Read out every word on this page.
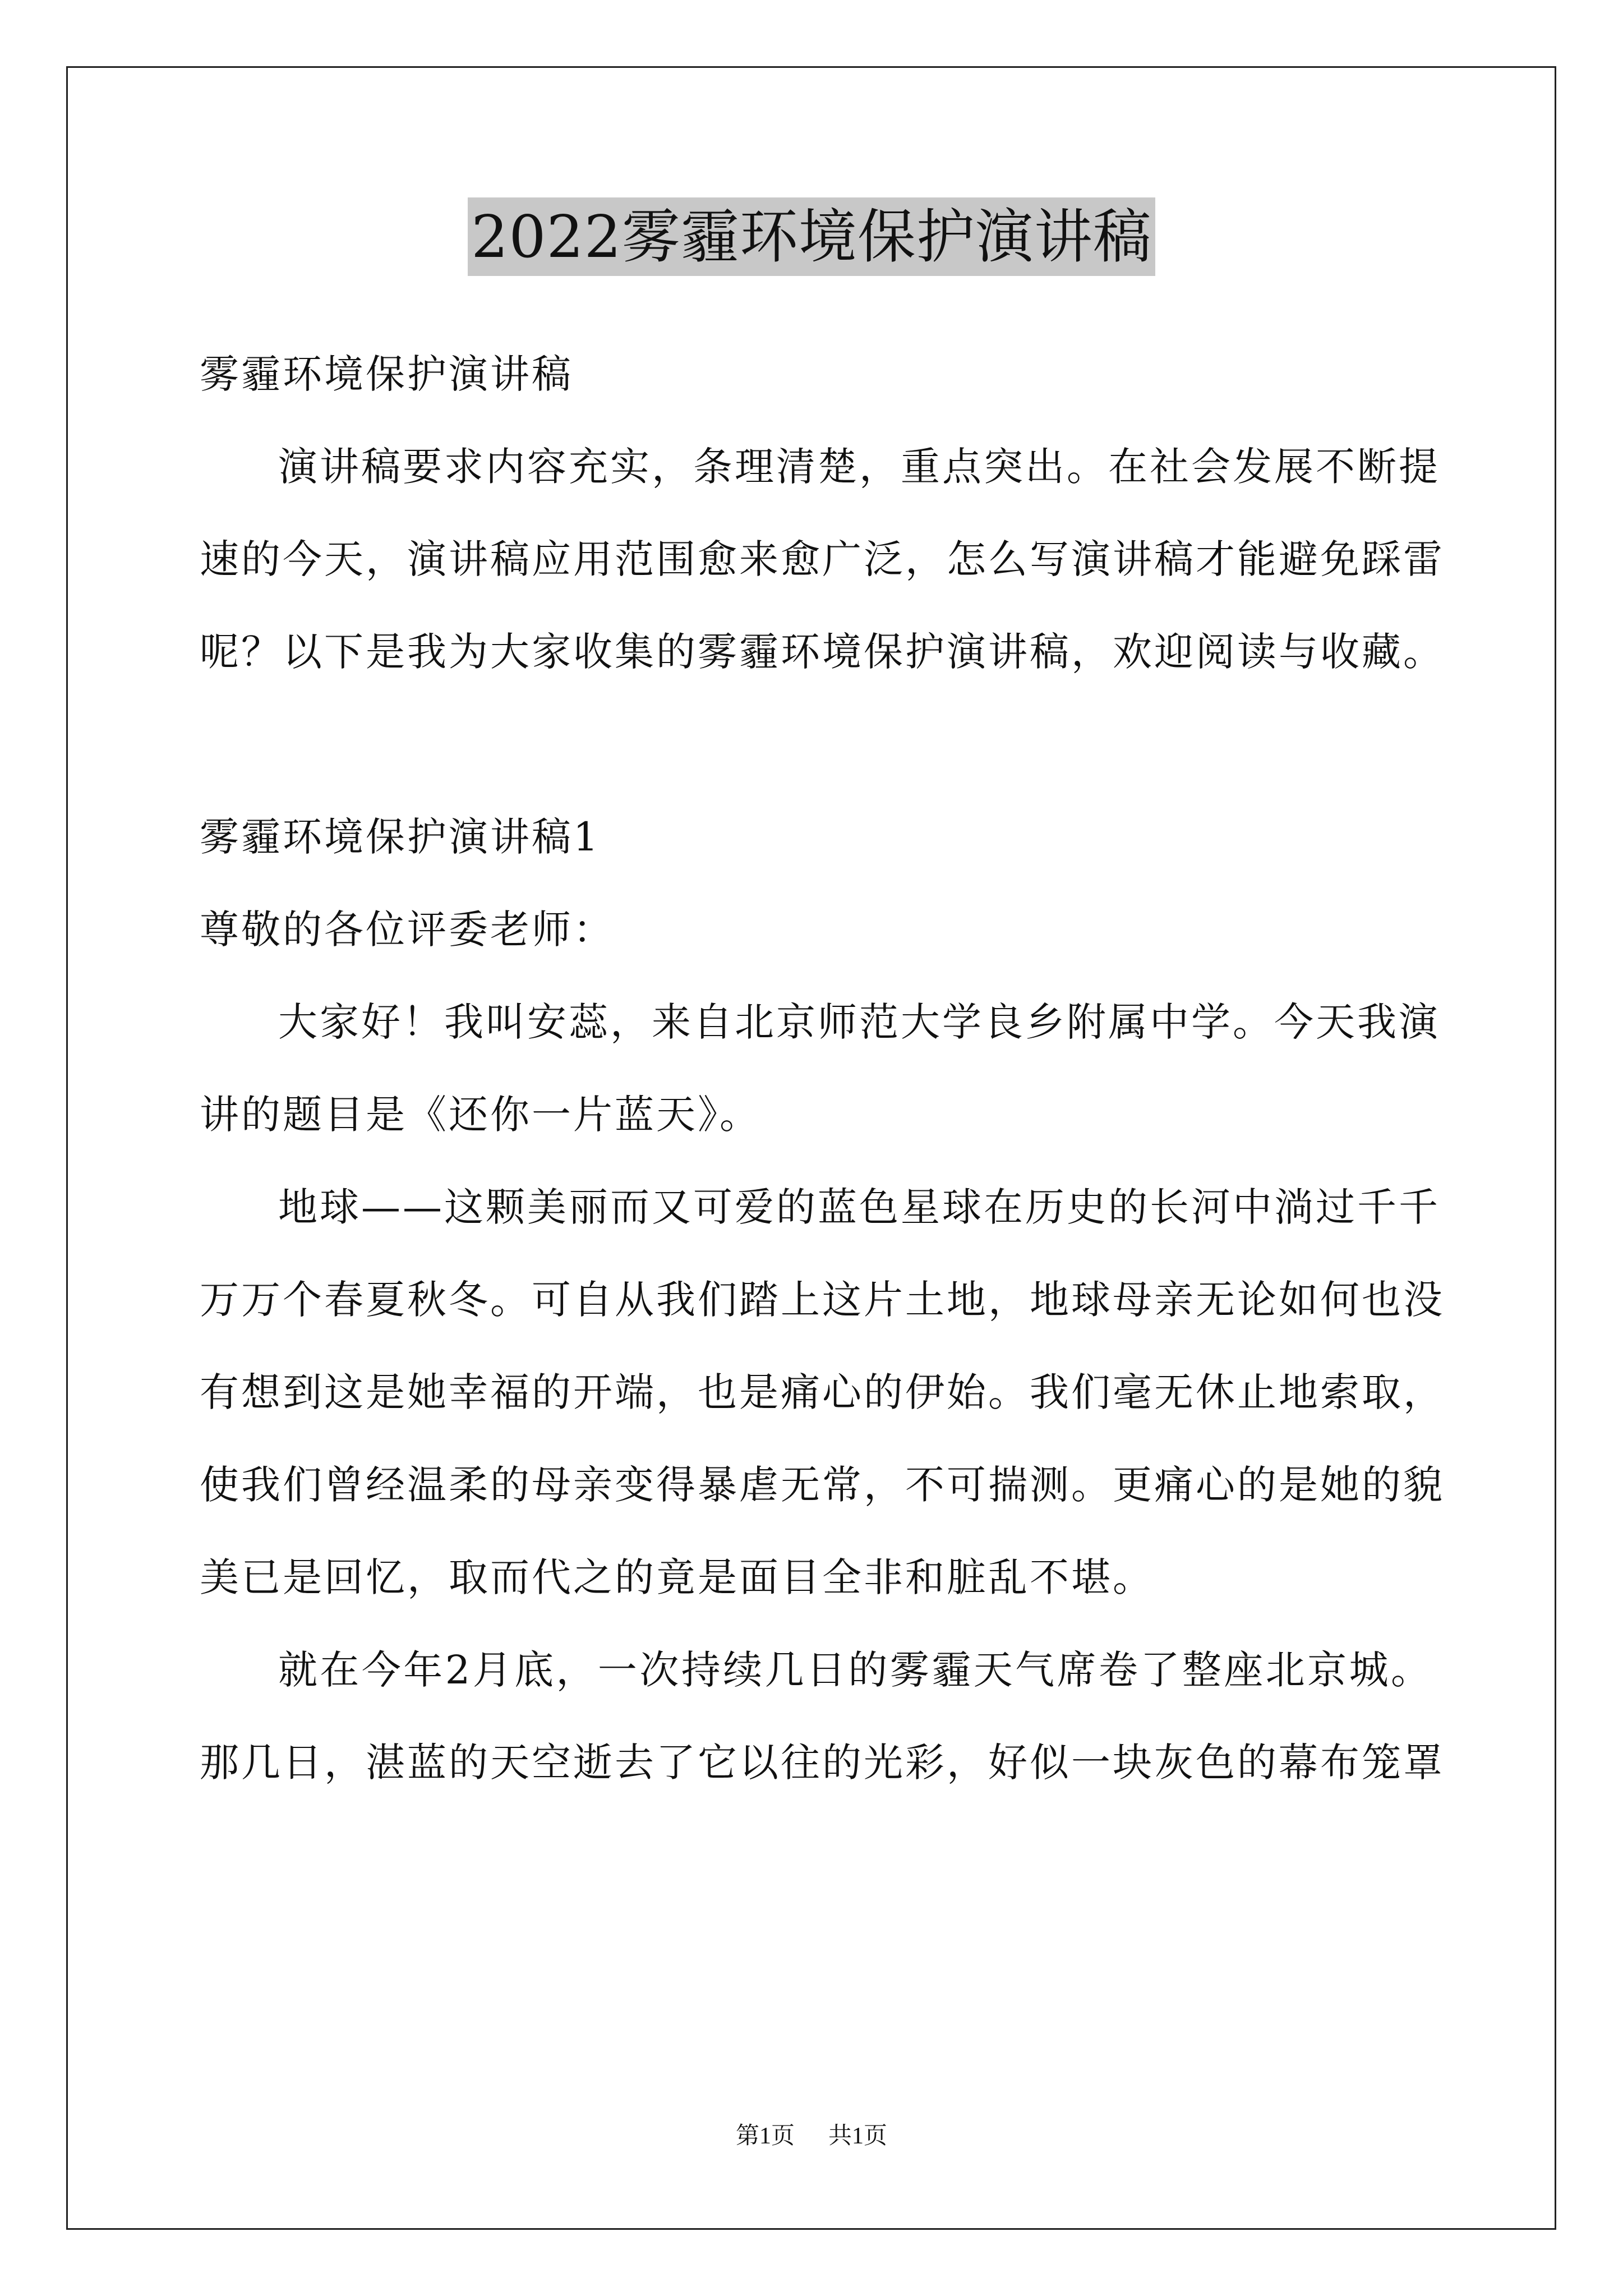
2022雾霾环境保护演讲稿
雾霾环境保护演讲稿
演讲稿要求内容充实，条理清楚，重点突出。在社会发展不断提
速的今天，演讲稿应用范围愈来愈广泛，怎么写演讲稿才能避免踩雷
呢？以下是我为大家收集的雾霾环境保护演讲稿，欢迎阅读与收藏。
雾霾环境保护演讲稿1
尊敬的各位评委老师：
大家好！我叫安蕊，来自北京师范大学良乡附属中学。今天我演
讲的题目是《还你一片蓝天》。
地球——这颗美丽而又可爱的蓝色星球在历史的长河中淌过千千
万万个春夏秋冬。可自从我们踏上这片土地，地球母亲无论如何也没
有想到这是她幸福的开端，也是痛心的伊始。我们毫无休止地索取，
使我们曾经温柔的母亲变得暴虐无常，不可揣测。更痛心的是她的貌
美已是回忆，取而代之的竟是面目全非和脏乱不堪。
就在今年2月底，一次持续几日的雾霾天气席卷了整座北京城。
那几日，湛蓝的天空逝去了它以往的光彩，好似一块灰色的幕布笼罩
第1页 共1页
